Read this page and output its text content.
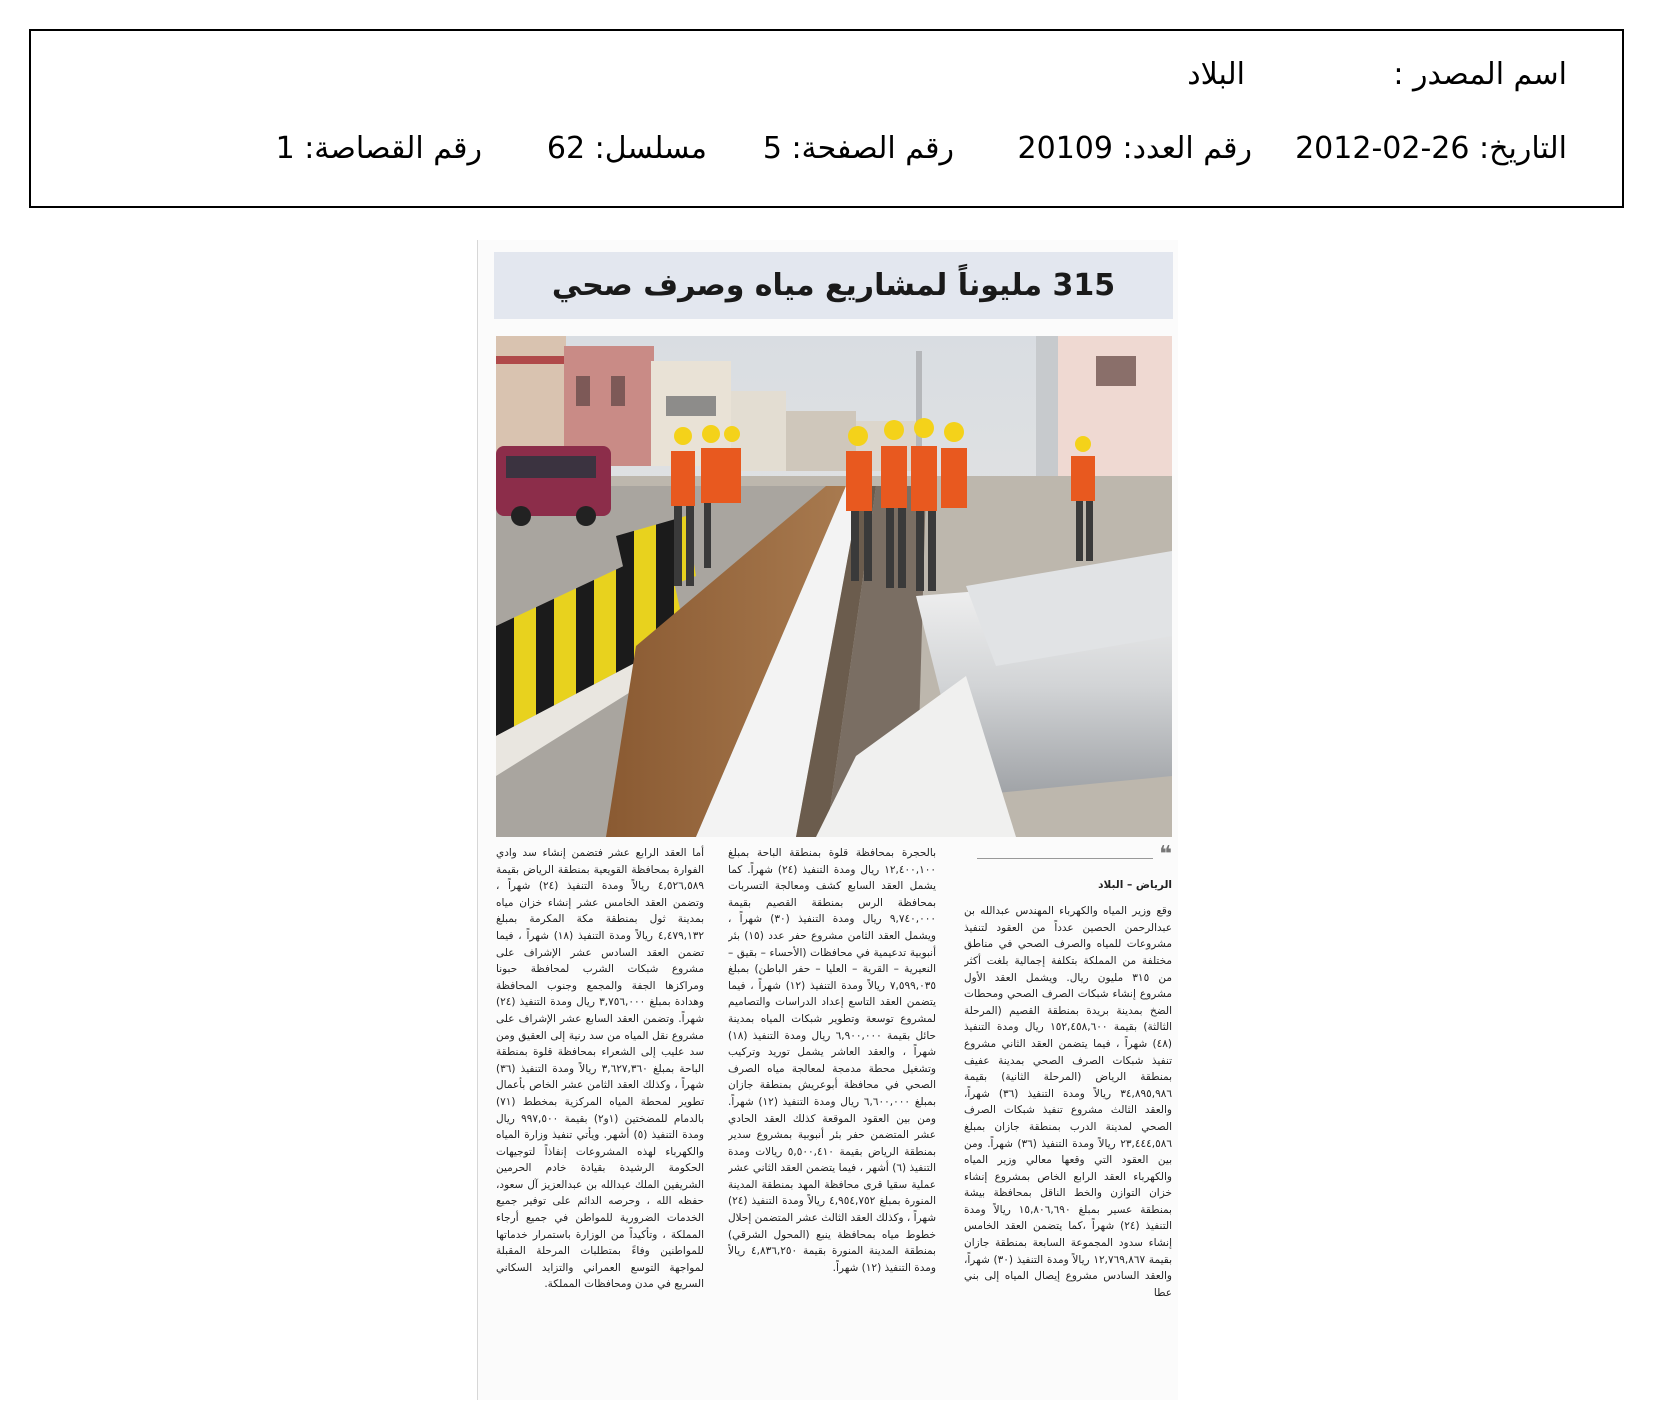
اسم المصدر :
البلاد
التاريخ: 26-02-2012
رقم العدد: 20109
رقم الصفحة: 5
مسلسل: 62
رقم القصاصة: 1
315 مليوناً لمشاريع مياه وصرف صحي
❝
الرياض – البلاد

وقع وزير المياه والكهرباء المهندس عبدالله بن عبدالرحمن الحصين عدداً من العقود لتنفيذ مشروعات للمياه والصرف الصحي في مناطق مختلفة من المملكة بتكلفة إجمالية بلغت أكثر من ٣١٥ مليون ريال. ويشمل العقد الأول مشروع إنشاء شبكات الصرف الصحي ومحطات الضخ بمدينة بريدة بمنطقة القصيم (المرحلة الثالثة) بقيمة ١٥٢,٤٥٨,٦٠٠ ريال ومدة التنفيذ (٤٨) شهراً ، فيما يتضمن العقد الثاني مشروع تنفيذ شبكات الصرف الصحي بمدينة عفيف بمنطقة الرياض (المرحلة الثانية) بقيمة ٣٤,٨٩٥,٩٨٦ ريالاً ومدة التنفيذ (٣٦) شهراً، والعقد الثالث مشروع تنفيذ شبكات الصرف الصحي لمدينة الدرب بمنطقة جازان بمبلغ ٢٣,٤٤٤,٥٨٦ ريالاً ومدة التنفيذ (٣٦) شهراً. ومن بين العقود التي وقعها معالي وزير المياه والكهرباء العقد الرابع الخاص بمشروع إنشاء خزان التوازن والخط الناقل بمحافظة بيشة بمنطقة عسير بمبلغ ١٥,٨٠٦,٦٩٠ ريالاً ومدة التنفيذ (٢٤) شهراً ،كما يتضمن العقد الخامس إنشاء سدود المجموعة السابعة بمنطقة جازان بقيمة ١٢,٧٦٩,٨٦٧ ريالاً ومدة التنفيذ (٣٠) شهراً، والعقد السادس مشروع إيصال المياه إلى بني عطا

بالحجرة بمحافظة قلوة بمنطقة الباحة بمبلغ ١٢,٤٠٠,١٠٠ ريال ومدة التنفيذ (٢٤) شهراً. كما يشمل العقد السابع كشف ومعالجة التسربات بمحافظة الرس بمنطقة القصيم بقيمة ٩,٧٤٠,٠٠٠ ريال ومدة التنفيذ (٣٠) شهراً ، ويشمل العقد الثامن مشروع حفر عدد (١٥) بئر أنبوبية تدعيمية في محافظات (الأحساء – بقيق – النعيرية – القرية – العليا – حفر الباطن) بمبلغ ٧,٥٩٩,٠٣٥ ريالاً ومدة التنفيذ (١٢) شهراً ، فيما يتضمن العقد التاسع إعداد الدراسات والتصاميم لمشروع توسعة وتطوير شبكات المياه بمدينة حائل بقيمة ٦,٩٠٠,٠٠٠ ريال ومدة التنفيذ (١٨) شهراً ، والعقد العاشر يشمل توريد وتركيب وتشغيل محطة مدمجة لمعالجة مياه الصرف الصحي في محافظة أبوعريش بمنطقة جازان بمبلغ ٦,٦٠٠,٠٠٠ ريال ومدة التنفيذ (١٢) شهراً. ومن بين العقود الموقعة كذلك العقد الحادي عشر المتضمن حفر بئر أنبوبية بمشروع سدير بمنطقة الرياض بقيمة ٥,٥٠٠,٤١٠ ريالات ومدة التنفيذ (٦) أشهر ، فيما يتضمن العقد الثاني عشر عملية سقيا قرى محافظة المهد بمنطقة المدينة المنورة بمبلغ ٤,٩٥٤,٧٥٢ ريالاً ومدة التنفيذ (٢٤) شهراً ، وكذلك العقد الثالث عشر المتضمن إحلال خطوط مياه بمحافظة ينبع (المحول الشرقي) بمنطقة المدينة المنورة بقيمة ٤,٨٣٦,٢٥٠ ريالاً ومدة التنفيذ (١٢) شهراً.

أما العقد الرابع عشر فتضمن إنشاء سد وادي الفوارة بمحافظة القويعية بمنطقة الرياض بقيمة ٤,٥٢٦,٥٨٩ ريالاً ومدة التنفيذ (٢٤) شهراً ، وتضمن العقد الخامس عشر إنشاء خزان مياه بمدينة ثول بمنطقة مكة المكرمة بمبلغ ٤,٤٧٩,١٣٢ ريالاً ومدة التنفيذ (١٨) شهراً ، فيما تضمن العقد السادس عشر الإشراف على مشروع شبكات الشرب لمحافظة حبونا ومراكزها الجفة والمجمع وجنوب المحافظة وهدادة بمبلغ ٣,٧٥٦,٠٠٠ ريال ومدة التنفيذ (٢٤) شهراً. وتضمن العقد السابع عشر الإشراف على مشروع نقل المياه من سد رنية إلى العقيق ومن سد عليب إلى الشعراء بمحافظة قلوة بمنطقة الباحة بمبلغ ٣,٦٢٧,٣٦٠ ريالاً ومدة التنفيذ (٣٦) شهراً ، وكذلك العقد الثامن عشر الخاص بأعمال تطوير لمحطة المياه المركزية بمخطط (٧١) بالدمام للمضختين (١و٢) بقيمة ٩٩٧,٥٠٠ ريال ومدة التنفيذ (٥) أشهر. ويأتي تنفيذ وزارة المياه والكهرباء لهذه المشروعات إنفاذاً لتوجيهات الحكومة الرشيدة بقيادة خادم الحرمين الشريفين الملك عبدالله بن عبدالعزيز آل سعود، حفظه الله ، وحرصه الدائم على توفير جميع الخدمات الضرورية للمواطن في جميع أرجاء المملكة ، وتأكيداً من الوزارة باستمرار خدماتها للمواطنين وفاءً بمتطلبات المرحلة المقبلة لمواجهة التوسع العمراني والتزايد السكاني السريع في مدن ومحافظات المملكة.
